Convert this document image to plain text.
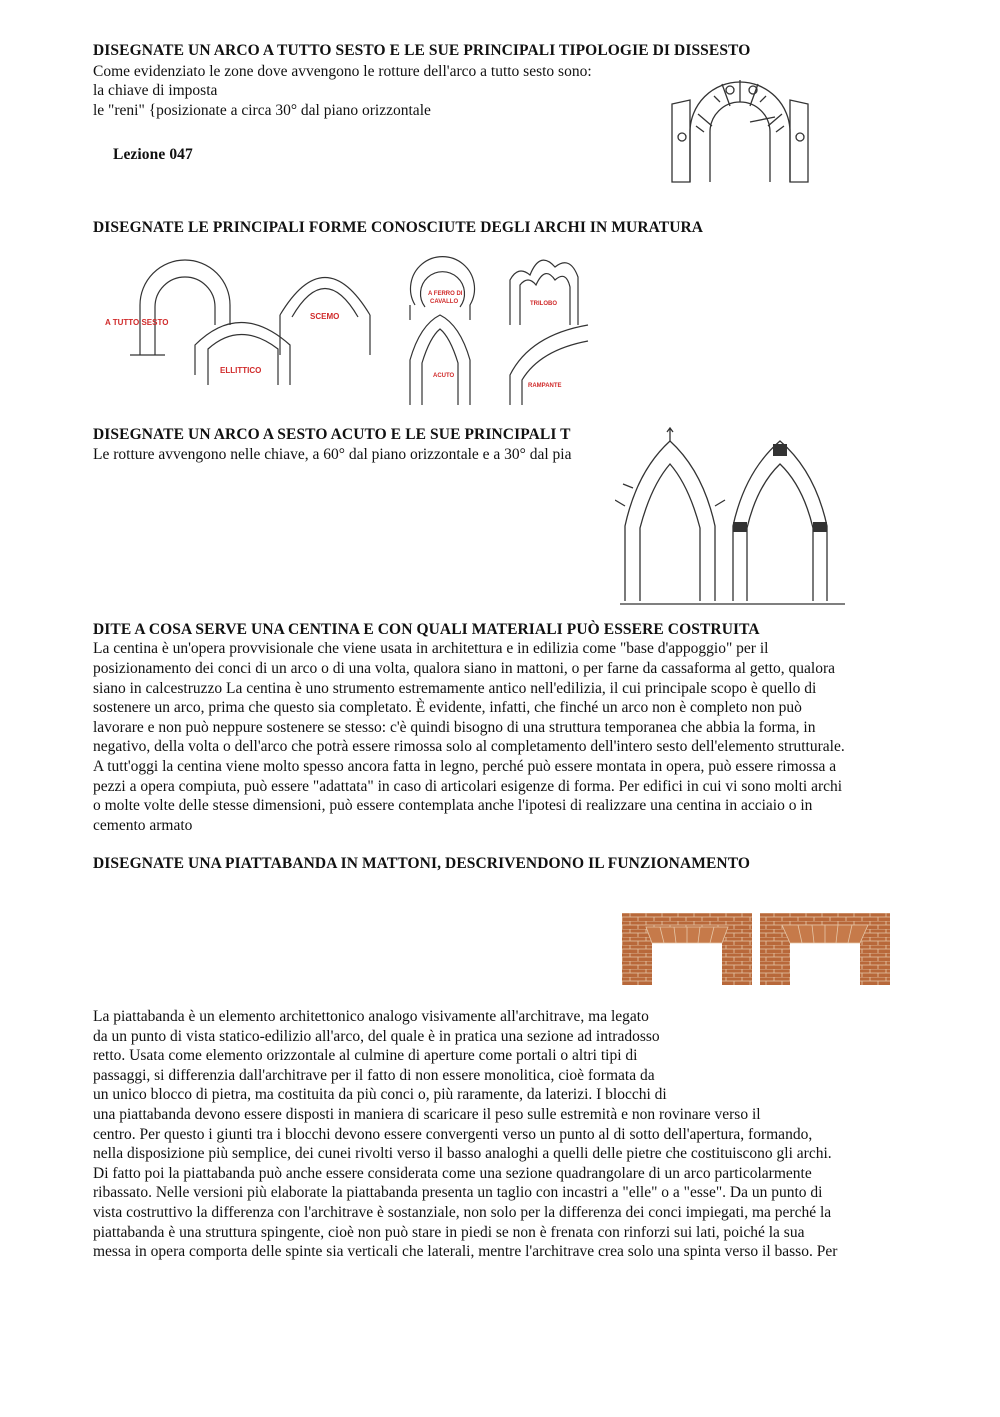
DISEGNATE UN ARCO A TUTTO SESTO E LE SUE PRINCIPALI TIPOLOGIE DI DISSESTO
Come evidenziato le zone dove avvengono le rotture dell'arco a tutto sesto sono:
la chiave di imposta
le "reni" {posizionate a circa 30° dal piano orizzontale
Lezione 047
DISEGNATE LE PRINCIPALI FORME CONOSCIUTE DEGLI ARCHI IN MURATURA
A TUTTO SESTO
SCEMO
ELLITTICO
A FERRO DI
CAVALLO	TRILOBO
ACUTO
RAMPANTE
DISEGNATE UN ARCO A SESTO ACUTO E LE SUE PRINCIPALI T
Le rotture avvengono nelle chiave, a 60° dal piano orizzontale e a 30° dal pia
DITE A COSA SERVE UNA CENTINA E CON QUALI MATERIALI PUÒ ESSERE COSTRUITA
La centina è un'opera provvisionale che viene usata in architettura e in edilizia come "base d'appoggio" per il
posizionamento dei conci di un arco o di una volta, qualora siano in mattoni, o per farne da cassaforma al getto, qualora
siano in calcestruzzo La centina è uno strumento estremamente antico nell'edilizia, il cui principale scopo è quello di
sostenere un arco, prima che questo sia completato. È evidente, infatti, che finché un arco non è completo non può
lavorare e non può neppure sostenere se stesso: c'è quindi bisogno di una struttura temporanea che abbia la forma, in
negativo, della volta o dell'arco che potrà essere rimossa solo al completamento dell'intero sesto dell'elemento strutturale.
A tutt'oggi la centina viene molto spesso ancora fatta in legno, perché può essere montata in opera, può essere rimossa a
pezzi a opera compiuta, può essere "adattata" in caso di articolari esigenze di forma. Per edifici in cui vi sono molti archi
o molte volte delle stesse dimensioni, può essere contemplata anche l'ipotesi di realizzare una centina in acciaio o in
cemento armato
DISEGNATE UNA PIATTABANDA IN MATTONI, DESCRIVENDONO IL FUNZIONAMENTO
La piattabanda è un elemento architettonico analogo visivamente all'architrave, ma legato
da un punto di vista statico-edilizio all'arco, del quale è in pratica una sezione ad intradosso
retto. Usata come elemento orizzontale al culmine di aperture come portali o altri tipi di
passaggi, si differenzia dall'architrave per il fatto di non essere monolitica, cioè formata da
un unico blocco di pietra, ma costituita da più conci o, più raramente, da laterizi. I blocchi di
una piattabanda devono essere disposti in maniera di scaricare il peso sulle estremità e non rovinare verso il
centro. Per questo i giunti tra i blocchi devono essere convergenti verso un punto al di sotto dell'apertura, formando,
nella disposizione più semplice, dei cunei rivolti verso il basso analoghi a quelli delle pietre che costituiscono gli archi.
Di fatto poi la piattabanda può anche essere considerata come una sezione quadrangolare di un arco particolarmente
ribassato. Nelle versioni più elaborate la piattabanda presenta un taglio con incastri a "elle" o a "esse". Da un punto di
vista costruttivo la differenza con l'architrave è sostanziale, non solo per la differenza dei conci impiegati, ma perché la
piattabanda è una struttura spingente, cioè non può stare in piedi se non è frenata con rinforzi sui lati, poiché la sua
messa in opera comporta delle spinte sia verticali che laterali, mentre l'architrave crea solo una spinta verso il basso. Per
